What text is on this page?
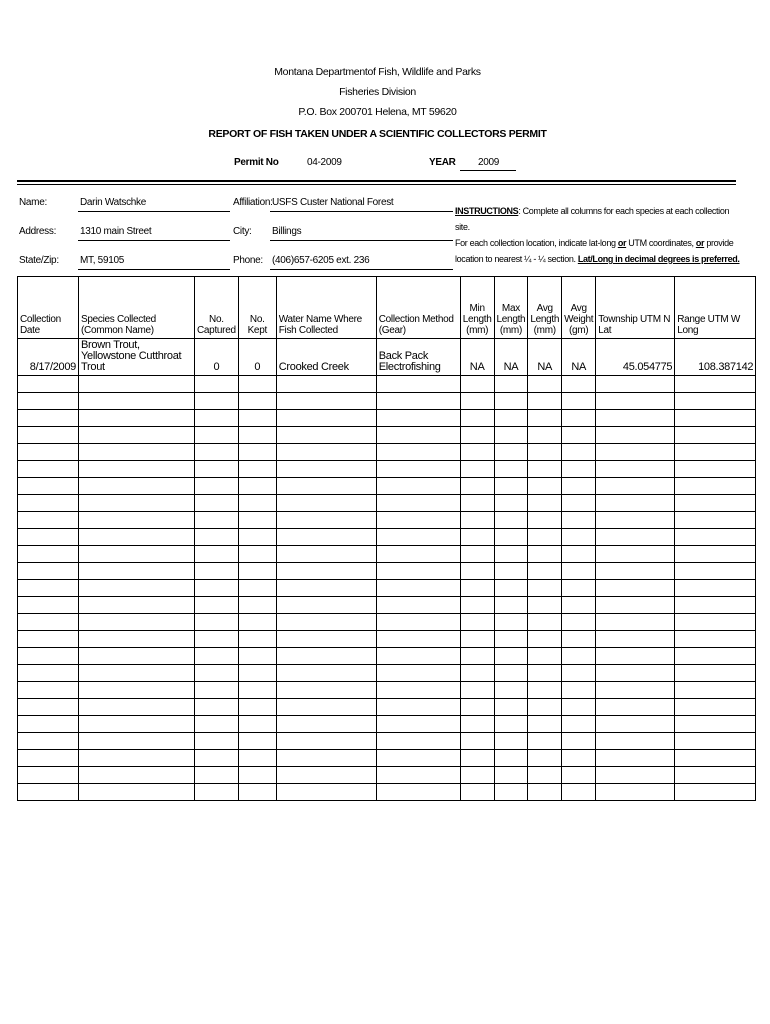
Montana Departmentof Fish, Wildlife and Parks
Fisheries Division
P.O. Box 200701 Helena, MT 59620
REPORT OF FISH TAKEN UNDER A SCIENTIFIC COLLECTORS PERMIT
Permit No	04-2009	YEAR 2009
Name:	Darin Watschke	Affiliation: USFS Custer National Forest
Address: 1310 main Street	City: Billings
State/Zip: MT, 59105	Phone: (406)657-6205 ext. 236
INSTRUCTIONS: Complete all columns for each species at each collection site.
For each collection location, indicate lat-long or UTM coordinates, or provide
location to nearest ¼ - ¼ section. Lat/Long in decimal degrees is preferred.
Collection Date	Species Collected (Common Name)	No. Captured	No. Kept	Water Name Where Fish Collected	Collection Method (Gear)	Min Length (mm)	Max Length (mm)	Avg Length (mm)	Avg Weight (gm)	Township UTM N Lat	Range UTM W Long
8/17/2009	Brown Trout, Yellowstone Cutthroat Trout	0	0	Crooked Creek	Back Pack Electrofishing	NA	NA	NA	NA	45.054775	108.387142
